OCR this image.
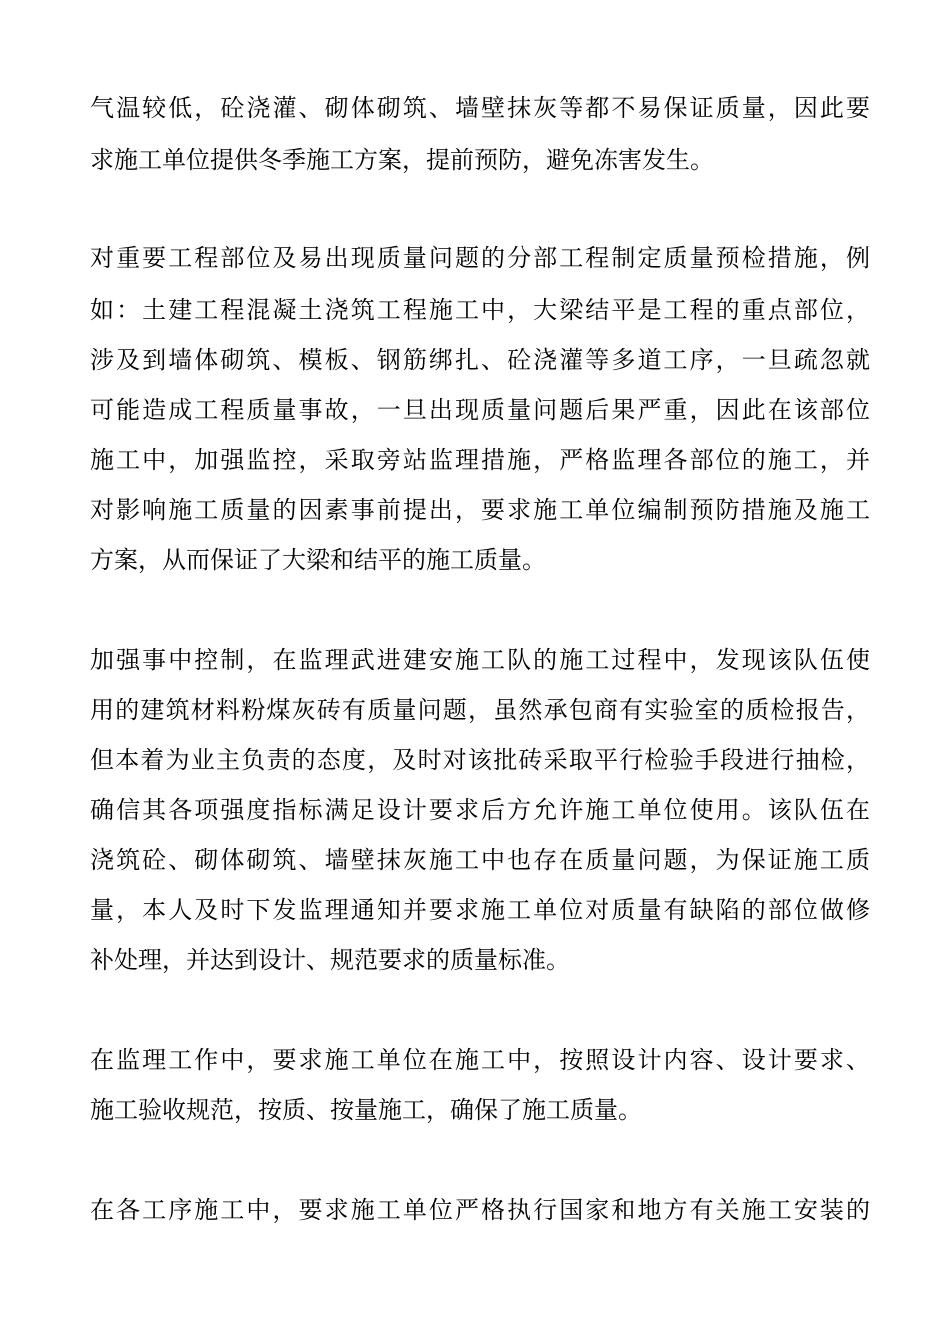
气温较低，砼浇灌、砌体砌筑、墙壁抹灰等都不易保证质量，因此要
求施工单位提供冬季施工方案，提前预防，避免冻害发生。
对重要工程部位及易出现质量问题的分部工程制定质量预检措施，例
如：土建工程混凝土浇筑工程施工中，大梁结平是工程的重点部位，
涉及到墙体砌筑、模板、钢筋绑扎、砼浇灌等多道工序，一旦疏忽就
可能造成工程质量事故，一旦出现质量问题后果严重，因此在该部位
施工中，加强监控，采取旁站监理措施，严格监理各部位的施工，并
对影响施工质量的因素事前提出，要求施工单位编制预防措施及施工
方案，从而保证了大梁和结平的施工质量。
加强事中控制，在监理武进建安施工队的施工过程中，发现该队伍使
用的建筑材料粉煤灰砖有质量问题，虽然承包商有实验室的质检报告，
但本着为业主负责的态度，及时对该批砖采取平行检验手段进行抽检，
确信其各项强度指标满足设计要求后方允许施工单位使用。该队伍在
浇筑砼、砌体砌筑、墙壁抹灰施工中也存在质量问题，为保证施工质
量，本人及时下发监理通知并要求施工单位对质量有缺陷的部位做修
补处理，并达到设计、规范要求的质量标准。
在监理工作中，要求施工单位在施工中，按照设计内容、设计要求、
施工验收规范，按质、按量施工，确保了施工质量。
在各工序施工中，要求施工单位严格执行国家和地方有关施工安装的
